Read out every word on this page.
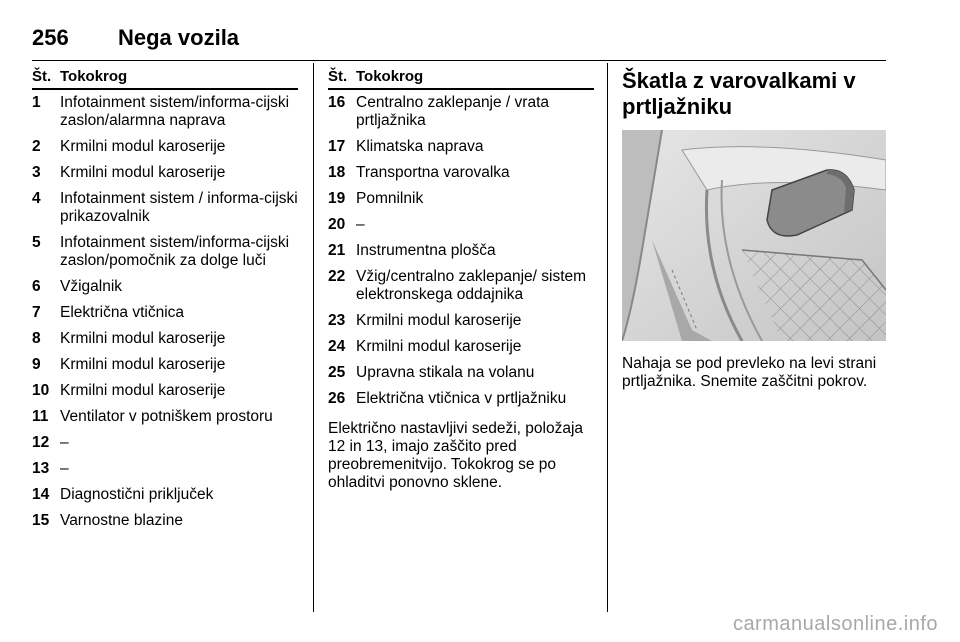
256 Nega vozila
Št. Tokokrog
1	Infotainment sistem/informa-cijski zaslon/alarmna naprava
2	Krmilni modul karoserije
3	Krmilni modul karoserije
4	Infotainment sistem / informa-cijski prikazovalnik
5	Infotainment sistem/informa-cijski zaslon/pomočnik za dolge luči
6	Vžigalnik
7	Električna vtičnica
8	Krmilni modul karoserije
9	Krmilni modul karoserije
10	Krmilni modul karoserije
11	Ventilator v potniškem prostoru
12	–
13	–
14	Diagnostični priključek
15	Varnostne blazine
Št. Tokokrog
16	Centralno zaklepanje / vrata prtljažnika
17	Klimatska naprava
18	Transportna varovalka
19	Pomnilnik
20	–
21	Instrumentna plošča
22	Vžig/centralno zaklepanje/ sistem elektronskega oddajnika
23	Krmilni modul karoserije
24	Krmilni modul karoserije
25	Upravna stikala na volanu
26	Električna vtičnica v prtljažniku
Električno nastavljivi sedeži, položaja 12 in 13, imajo zaščito pred preobremenitvijo. Tokokrog se po ohladitvi ponovno sklene.
Škatla z varovalkami v prtljažniku
Nahaja se pod prevleko na levi strani prtljažnika. Snemite zaščitni pokrov.
carmanualsonline.info
